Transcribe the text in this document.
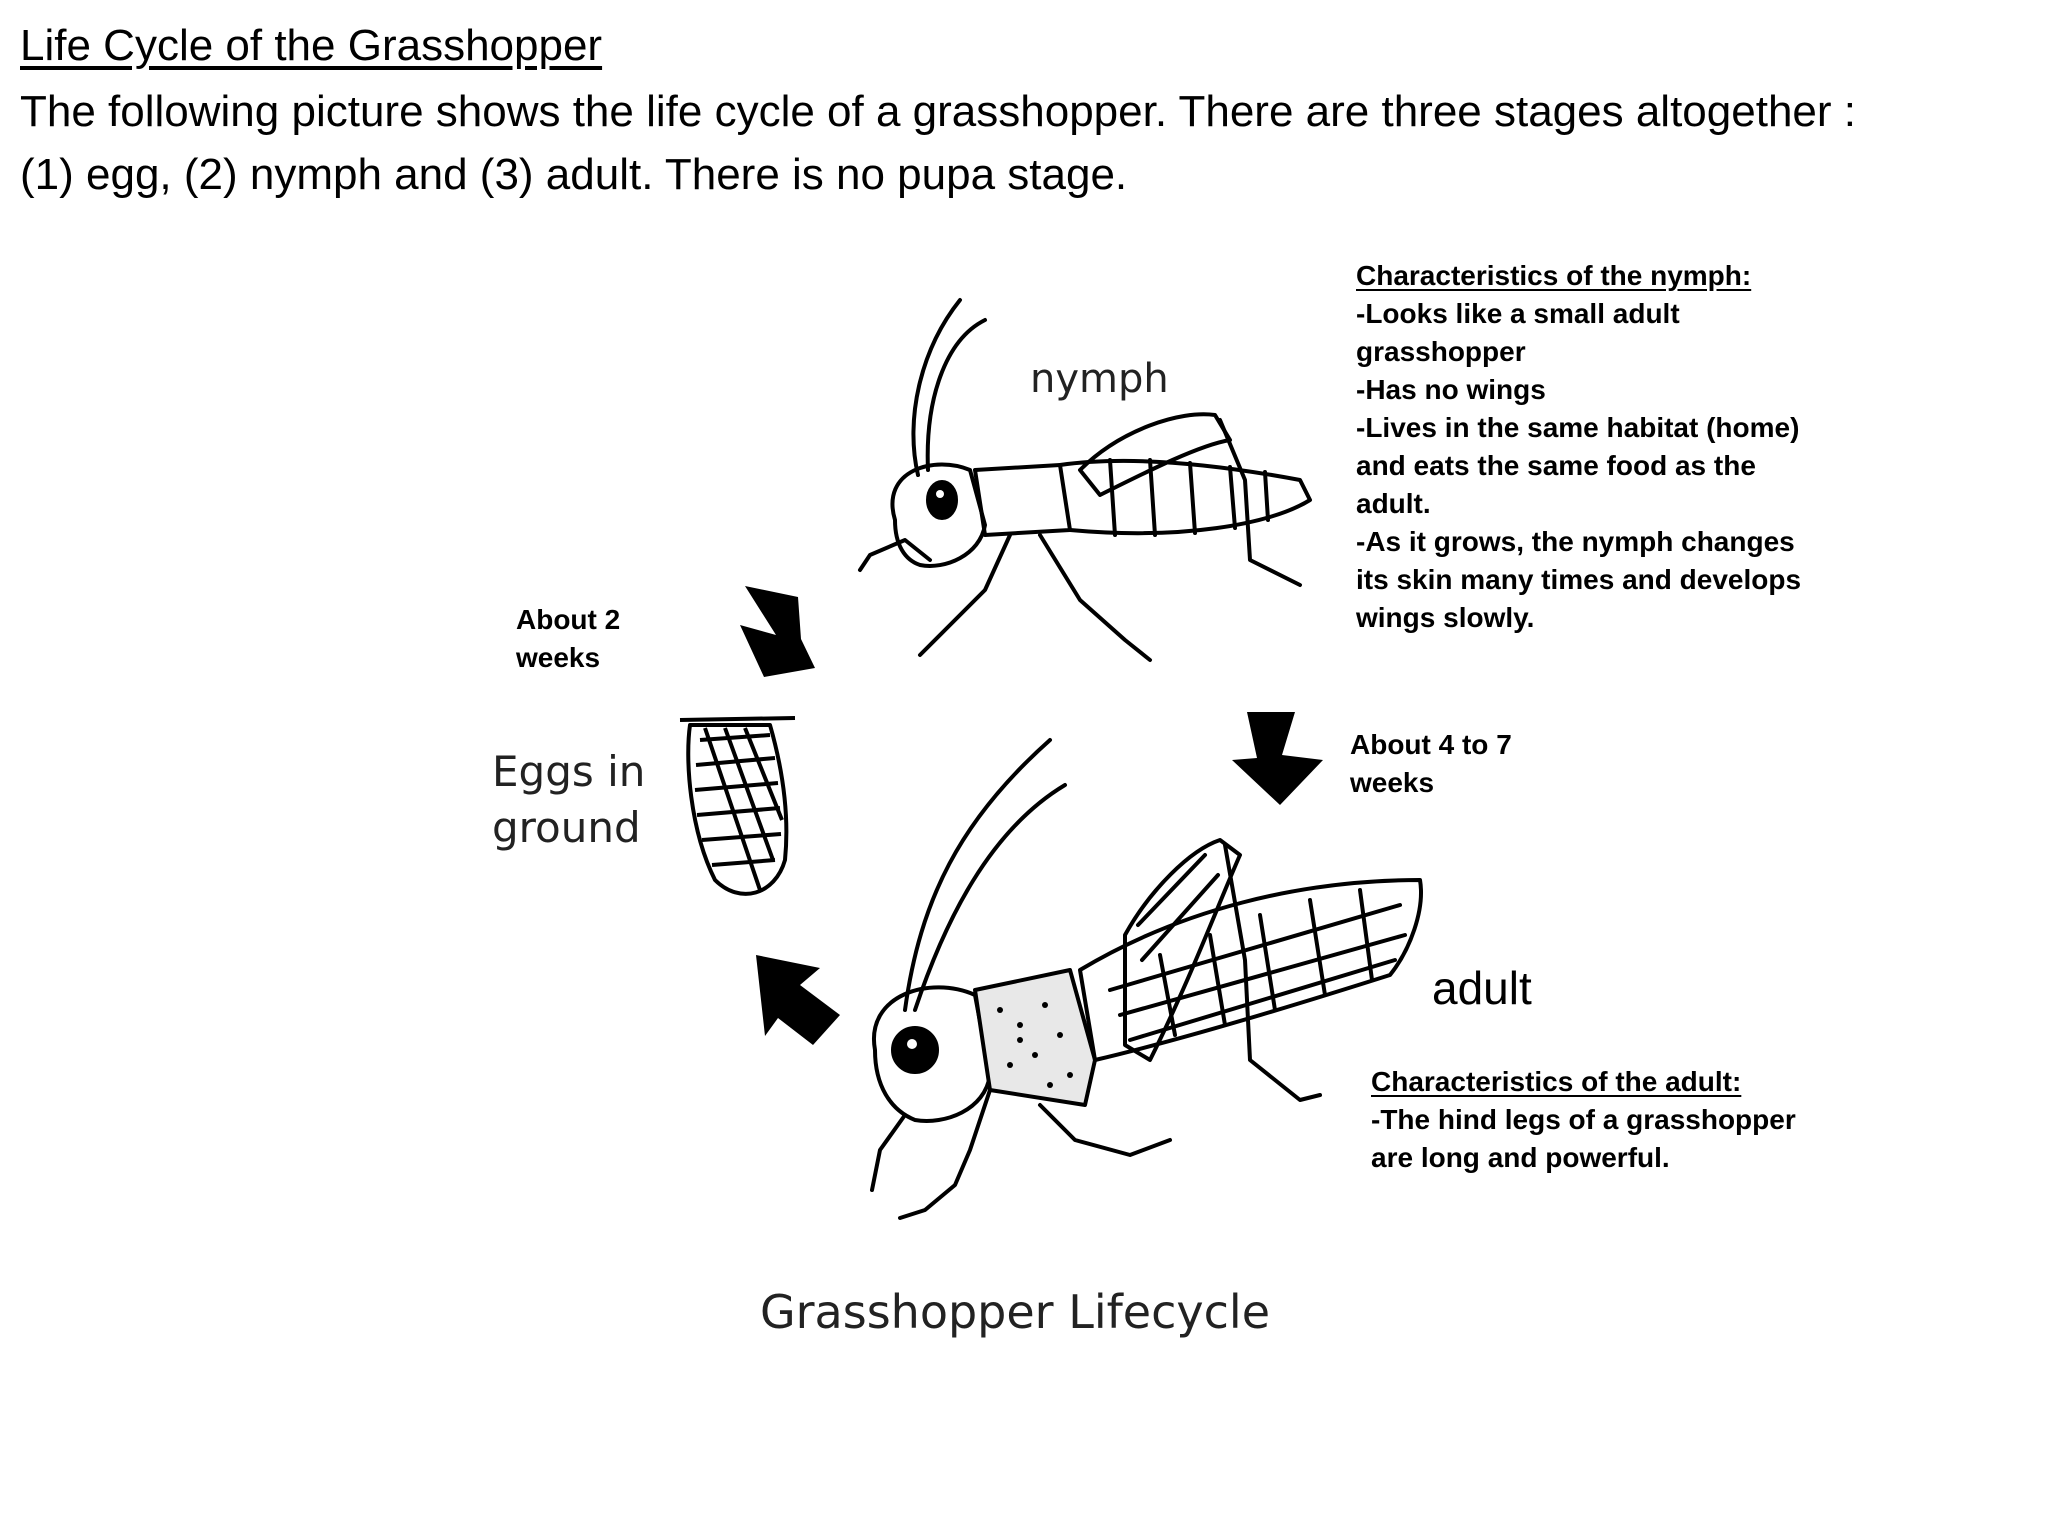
Life Cycle of the Grasshopper

The following picture shows the life cycle of a grasshopper. There are three stages altogether :
(1) egg, (2) nymph and (3) adult. There is no pupa stage.

nymph
Eggs in
ground
Grasshopper Lifecycle
About 2
weeks
About 4 to 7
weeks
adult
Characteristics of the nymph:
-Looks like a small adult
grasshopper
-Has no wings
-Lives in the same habitat (home)
and eats the same food as the
adult.
-As it grows, the nymph changes
its skin many times and develops
wings slowly.
Characteristics of the adult:
-The hind legs of a grasshopper
are long and powerful.
